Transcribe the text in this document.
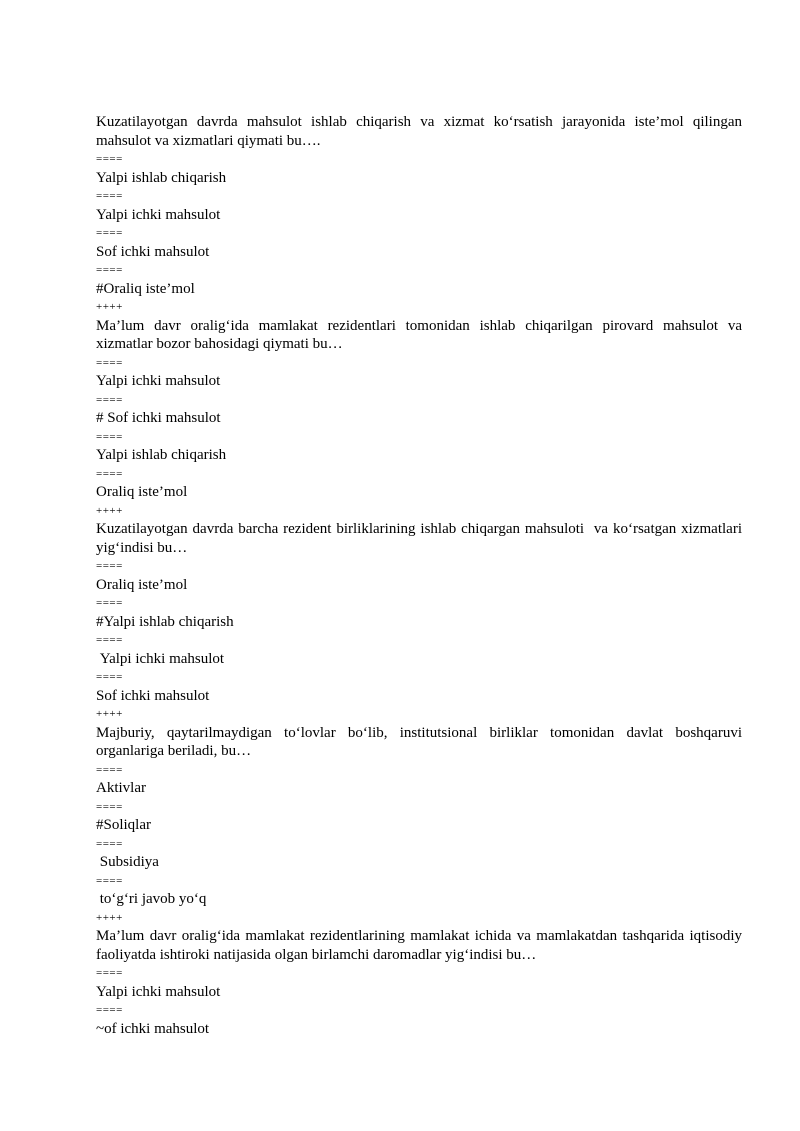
Kuzatilayotgan davrda mahsulot ishlab chiqarish va xizmat ko‘rsatish jarayonida iste’mol qilingan mahsulot va xizmatlari qiymati bu….
====
Yalpi ishlab chiqarish
====
Yalpi ichki mahsulot
====
Sof ichki mahsulot
====
#Oraliq iste’mol
++++
Ma’lum davr oralig‘ida mamlakat rezidentlari tomonidan ishlab chiqarilgan pirovard mahsulot va xizmatlar bozor bahosidagi qiymati bu…
====
Yalpi ichki mahsulot
====
# Sof ichki mahsulot
====
Yalpi ishlab chiqarish
====
Oraliq iste’mol
++++
Kuzatilayotgan davrda barcha rezident birliklarining ishlab chiqargan mahsuloti  va ko‘rsatgan xizmatlari yig‘indisi bu…
====
Oraliq iste’mol
====
#Yalpi ishlab chiqarish
====
Yalpi ichki mahsulot
====
Sof ichki mahsulot
++++
Majburiy, qaytarilmaydigan to‘lovlar bo‘lib, institutsional birliklar tomonidan davlat boshqaruvi organlariga beriladi, bu…
====
Aktivlar
====
#Soliqlar
====
Subsidiya
====
to‘g‘ri javob yo‘q
++++
Ma’lum davr oralig‘ida mamlakat rezidentlarining mamlakat ichida va mamlakatdan tashqarida iqtisodiy faoliyatda ishtiroki natijasida olgan birlamchi daromadlar yig‘indisi bu…
====
Yalpi ichki mahsulot
====
~of ichki mahsulot
